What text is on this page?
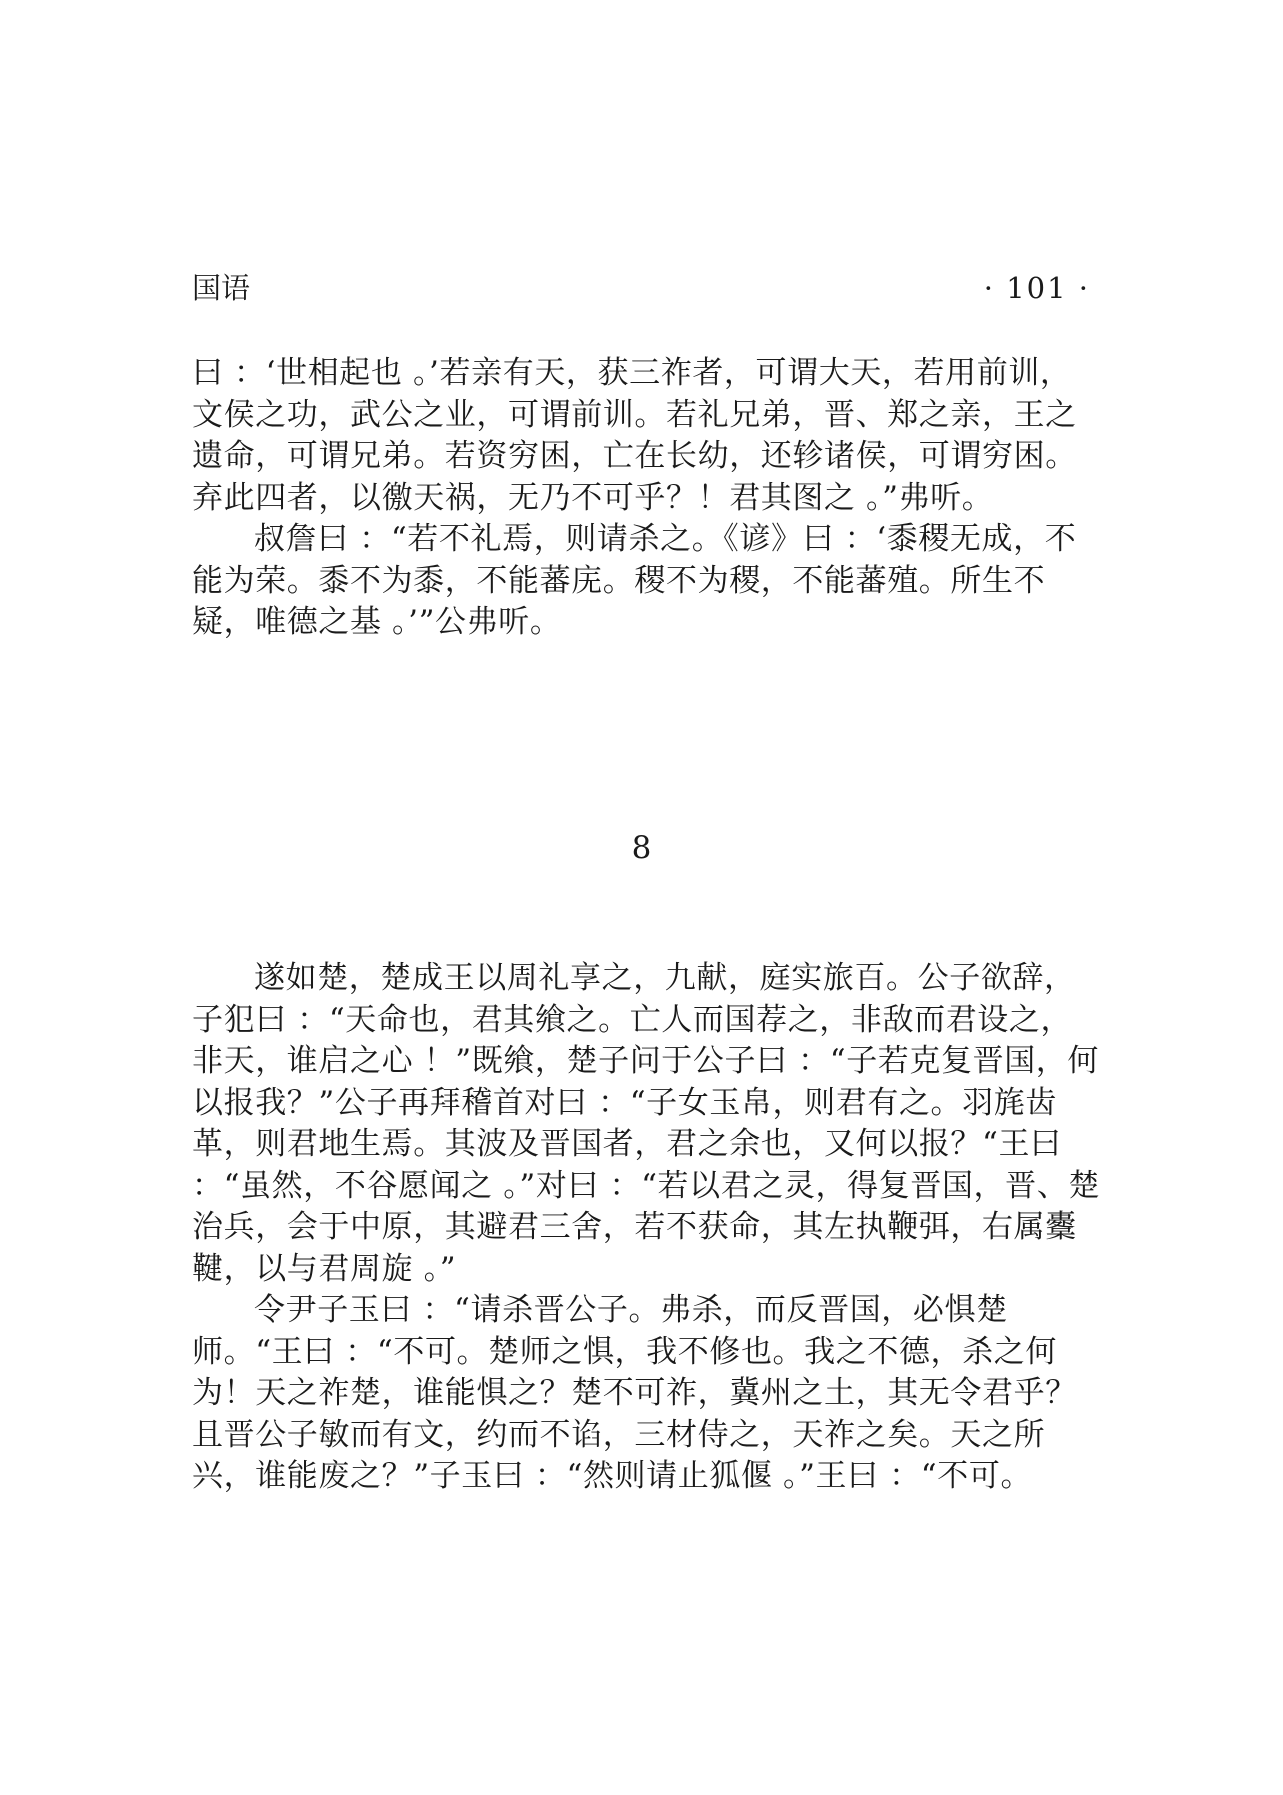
国语	· 101 ·

曰 ：‘世相起也 。’若亲有天，获三祚者，可谓大天，若用前训，文侯之功，武公之业，可谓前训。若礼兄弟，晋、郑之亲，王之遗命，可谓兄弟。若资穷困，亡在长幼，还轸诸侯，可谓穷困。弃此四者，以徼天祸，无乃不可乎？！君其图之 。”弗听。

叔詹曰 ：“若不礼焉，则请杀之。《谚》曰 ：‘黍稷无成，不能为荣。黍不为黍，不能蕃庑。稷不为稷，不能蕃殖。所生不疑，唯德之基 。’”公弗听。

8

遂如楚，楚成王以周礼享之，九献，庭实旅百。公子欲辞，子犯曰 ：“天命也，君其飨之。亡人而国荐之，非敌而君设之，非天，谁启之心 ！”既飨，楚子问于公子曰 ：“子若克复晋国，何以报我？”公子再拜稽首对曰 ：“子女玉帛，则君有之。羽旄齿革，则君地生焉。其波及晋国者，君之余也，又何以报？“王曰 ：“虽然，不谷愿闻之 。”对曰 ：“若以君之灵，得复晋国，晋、楚治兵，会于中原，其避君三舍，若不获命，其左执鞭弭，右属櫜鞬，以与君周旋 。”

令尹子玉曰 ：“请杀晋公子。弗杀，而反晋国，必惧楚师。“王曰 ：“不可。楚师之惧，我不修也。我之不德，杀之何为！天之祚楚，谁能惧之？楚不可祚，冀州之土，其无令君乎？且晋公子敏而有文，约而不谄，三材侍之，天祚之矣。天之所兴，谁能废之？”子玉曰 ：“然则请止狐偃 。”王曰 ：“不可。
